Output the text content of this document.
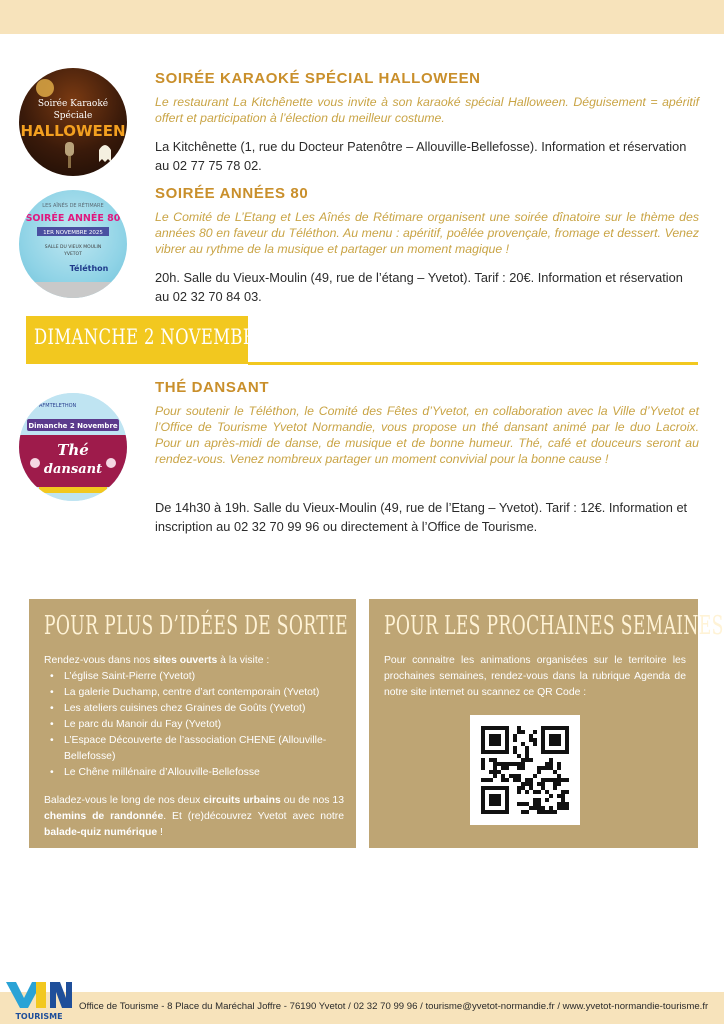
Soirée Karaoké
Spéciale
HALLOWEEN
SOIRÉE KARAOKÉ SPÉCIAL HALLOWEEN
Le restaurant La Kitchênette vous invite à son karaoké spécial Halloween. Déguisement = apéritif offert et participation à l’élection du meilleur costume.
La Kitchênette (1, rue du Docteur Patenôtre – Allouville-Bellefosse). Information et réservation au 02 77 75 78 02.
LES AÎNÉS DE RÉTIMARE
SOIRÉE ANNÉE 80
1ER NOVEMBRE 2025
SALLE DU VIEUX MOULIN
YVETOT
Téléthon
SOIRÉE ANNÉES 80
Le Comité de L’Etang et Les Aînés de Rétimare organisent une soirée dînatoire sur le thème des années 80 en faveur du Téléthon. Au menu : apéritif, poêlée provençale, fromage et dessert. Venez vibrer au rythme de la musique et partager un moment magique !
20h. Salle du Vieux-Moulin (49, rue de l’étang – Yvetot). Tarif : 20€. Information et réservation au 02 32 70 84 03.
DIMANCHE 2 NOVEMBRE
AFMTELETHON
Dimanche 2 Novembre
Thé
dansant
THÉ DANSANT
Pour soutenir le Téléthon, le Comité des Fêtes d’Yvetot, en collaboration avec la Ville d’Yvetot et l’Office de Tourisme Yvetot Normandie, vous propose un thé dansant animé par le duo Lacroix. Pour un après-midi de danse, de musique et de bonne humeur. Thé, café et douceurs seront au rendez-vous. Venez nombreux partager un moment convivial pour la bonne cause !
De 14h30 à 19h. Salle du Vieux-Moulin (49, rue de l’Etang – Yvetot). Tarif : 12€. Information et inscription au 02 32 70 99 96 ou directement à l’Office de Tourisme.
POUR PLUS D’IDÉES DE SORTIE
Rendez-vous dans nos sites ouverts à la visite :
• L’église Saint-Pierre (Yvetot)
• La galerie Duchamp, centre d’art contemporain (Yvetot)
• Les ateliers cuisines chez Graines de Goûts (Yvetot)
• Le parc du Manoir du Fay (Yvetot)
• L’Espace Découverte de l’association CHENE (Allouville-Bellefosse)
• Le Chêne millénaire d’Allouville-Bellefosse
Baladez-vous le long de nos deux circuits urbains ou de nos 13 chemins de randonnée. Et (re)découvrez Yvetot avec notre balade-quiz numérique !
POUR LES PROCHAINES SEMAINES
Pour connaitre les animations organisées sur le territoire les prochaines semaines, rendez-vous dans la rubrique Agenda de notre site internet ou scannez ce QR Code :
Office de Tourisme - 8 Place du Maréchal Joffre - 76190 Yvetot / 02 32 70 99 96 / tourisme@yvetot-normandie.fr / www.yvetot-normandie-tourisme.fr
TOURISME
